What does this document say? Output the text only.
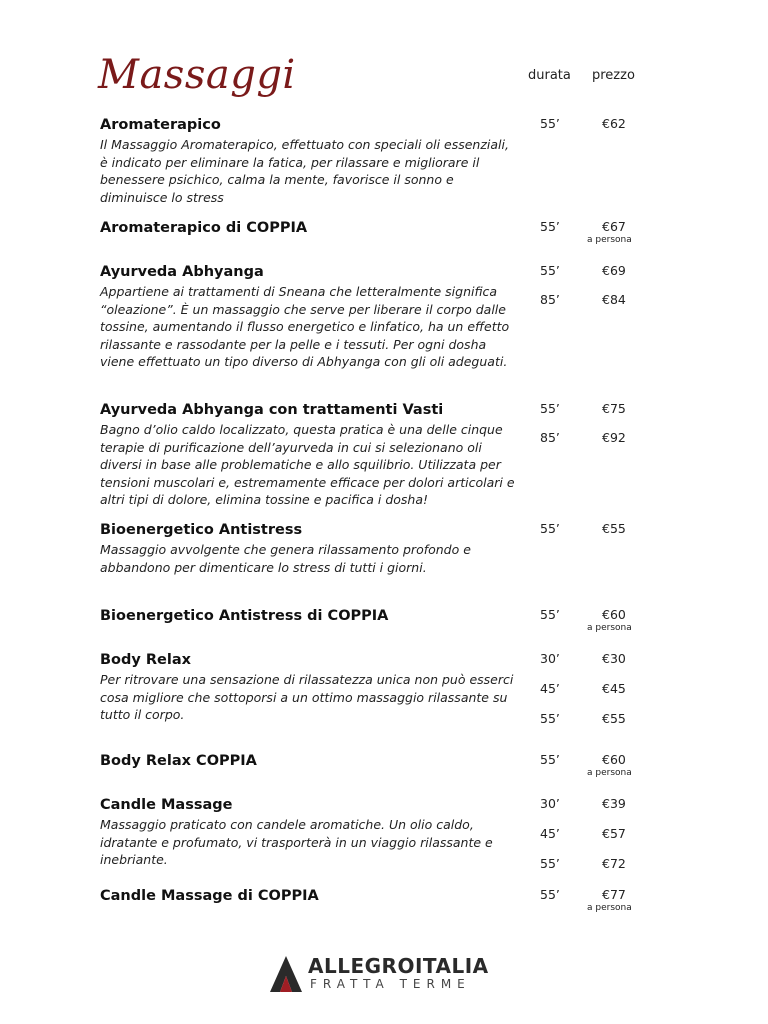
Massaggi	durata prezzo
Aromaterapico
Il Massaggio Aromaterapico, effettuato con speciali oli essenziali, è indicato per eliminare la fatica, per rilassare e migliorare il benessere psichico, calma la mente, favorisce il sonno e diminuisce lo stress
55’	€62
Aromaterapico di COPPIA	55’	€67
a persona
Ayurveda Abhyanga
Appartiene ai trattamenti di Sneana che letteralmente significa “oleazione”. È un massaggio che serve per liberare il corpo dalle tossine, aumentando il flusso energetico e linfatico, ha un effetto rilassante e rassodante per la pelle e i tessuti. Per ogni dosha viene effettuato un tipo diverso di Abhyanga con gli oli adeguati.
55’	€69
85’	€84
Ayurveda Abhyanga con trattamenti Vasti
Bagno d’olio caldo localizzato, questa pratica è una delle cinque terapie di purificazione dell’ayurveda in cui si selezionano oli diversi in base alle problematiche e allo squilibrio. Utilizzata per tensioni muscolari e, estremamente efficace per dolori articolari e altri tipi di dolore, elimina tossine e pacifica i dosha!
55’	€75
85’	€92
Bioenergetico Antistress
Massaggio avvolgente che genera rilassamento profondo e abbandono per dimenticare lo stress di tutti i giorni.
55’	€55
Bioenergetico Antistress di COPPIA	55’	€60
a persona
Body Relax
Per ritrovare una sensazione di rilassatezza unica non può esserci cosa migliore che sottoporsi a un ottimo massaggio rilassante su tutto il corpo.
30’	€30
45’	€45
55’	€55
Body Relax COPPIA	55’	€60
a persona
Candle Massage
Massaggio praticato con candele aromatiche. Un olio caldo, idratante e profumato, vi trasporterà in un viaggio rilassante e inebriante.
30’	€39
45’	€57
55’	€72
Candle Massage di COPPIA	55’	€77
a persona
ALLEGROITALIA
FRATTA TERME
